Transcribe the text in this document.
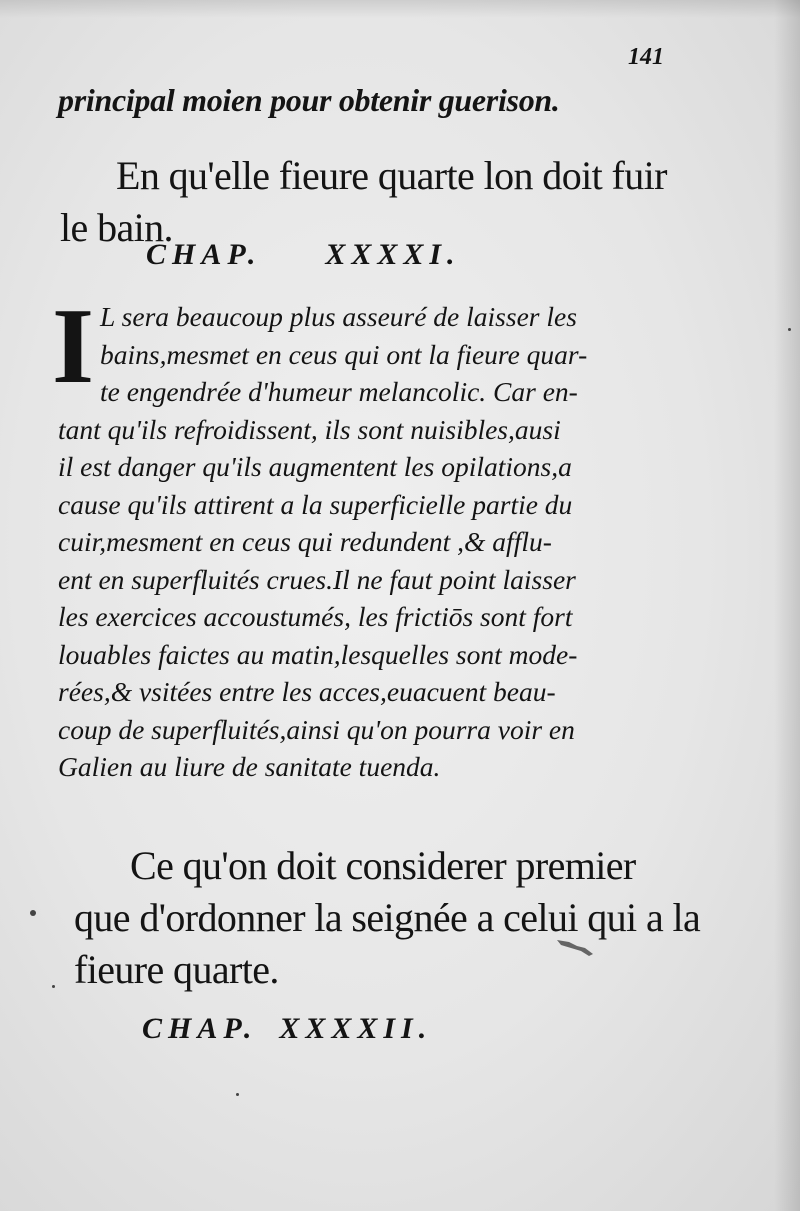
141
principal moien pour obtenir guerison.
En qu'elle fieure quarte lon doit fuir
le bain.
CHAP. XXXXI.
I L sera beaucoup plus asseuré de laisser les
bains,mesmet en ceus qui ont la fieure quar-
te engendrée d'humeur melancolic. Car en-
tant qu'ils refroidissent, ils sont nuisibles,ausi
il est danger qu'ils augmentent les opilations,a
cause qu'ils attirent a la superficielle partie du
cuir,mesment en ceus qui redundent ,& afflu-
ent en superfluités crues.Il ne faut point laisser
les exercices accoustumés, les frictiōs sont fort
louables faictes au matin,lesquelles sont mode-
rées,& vsitées entre les acces,euacuent beau-
coup de superfluités,ainsi qu'on pourra voir en
Galien au liure de sanitate tuenda.
Ce qu'on doit considerer premier
que d'ordonner la seignée a celui qui a la
fieure quarte.
CHAP. XXXXII.
